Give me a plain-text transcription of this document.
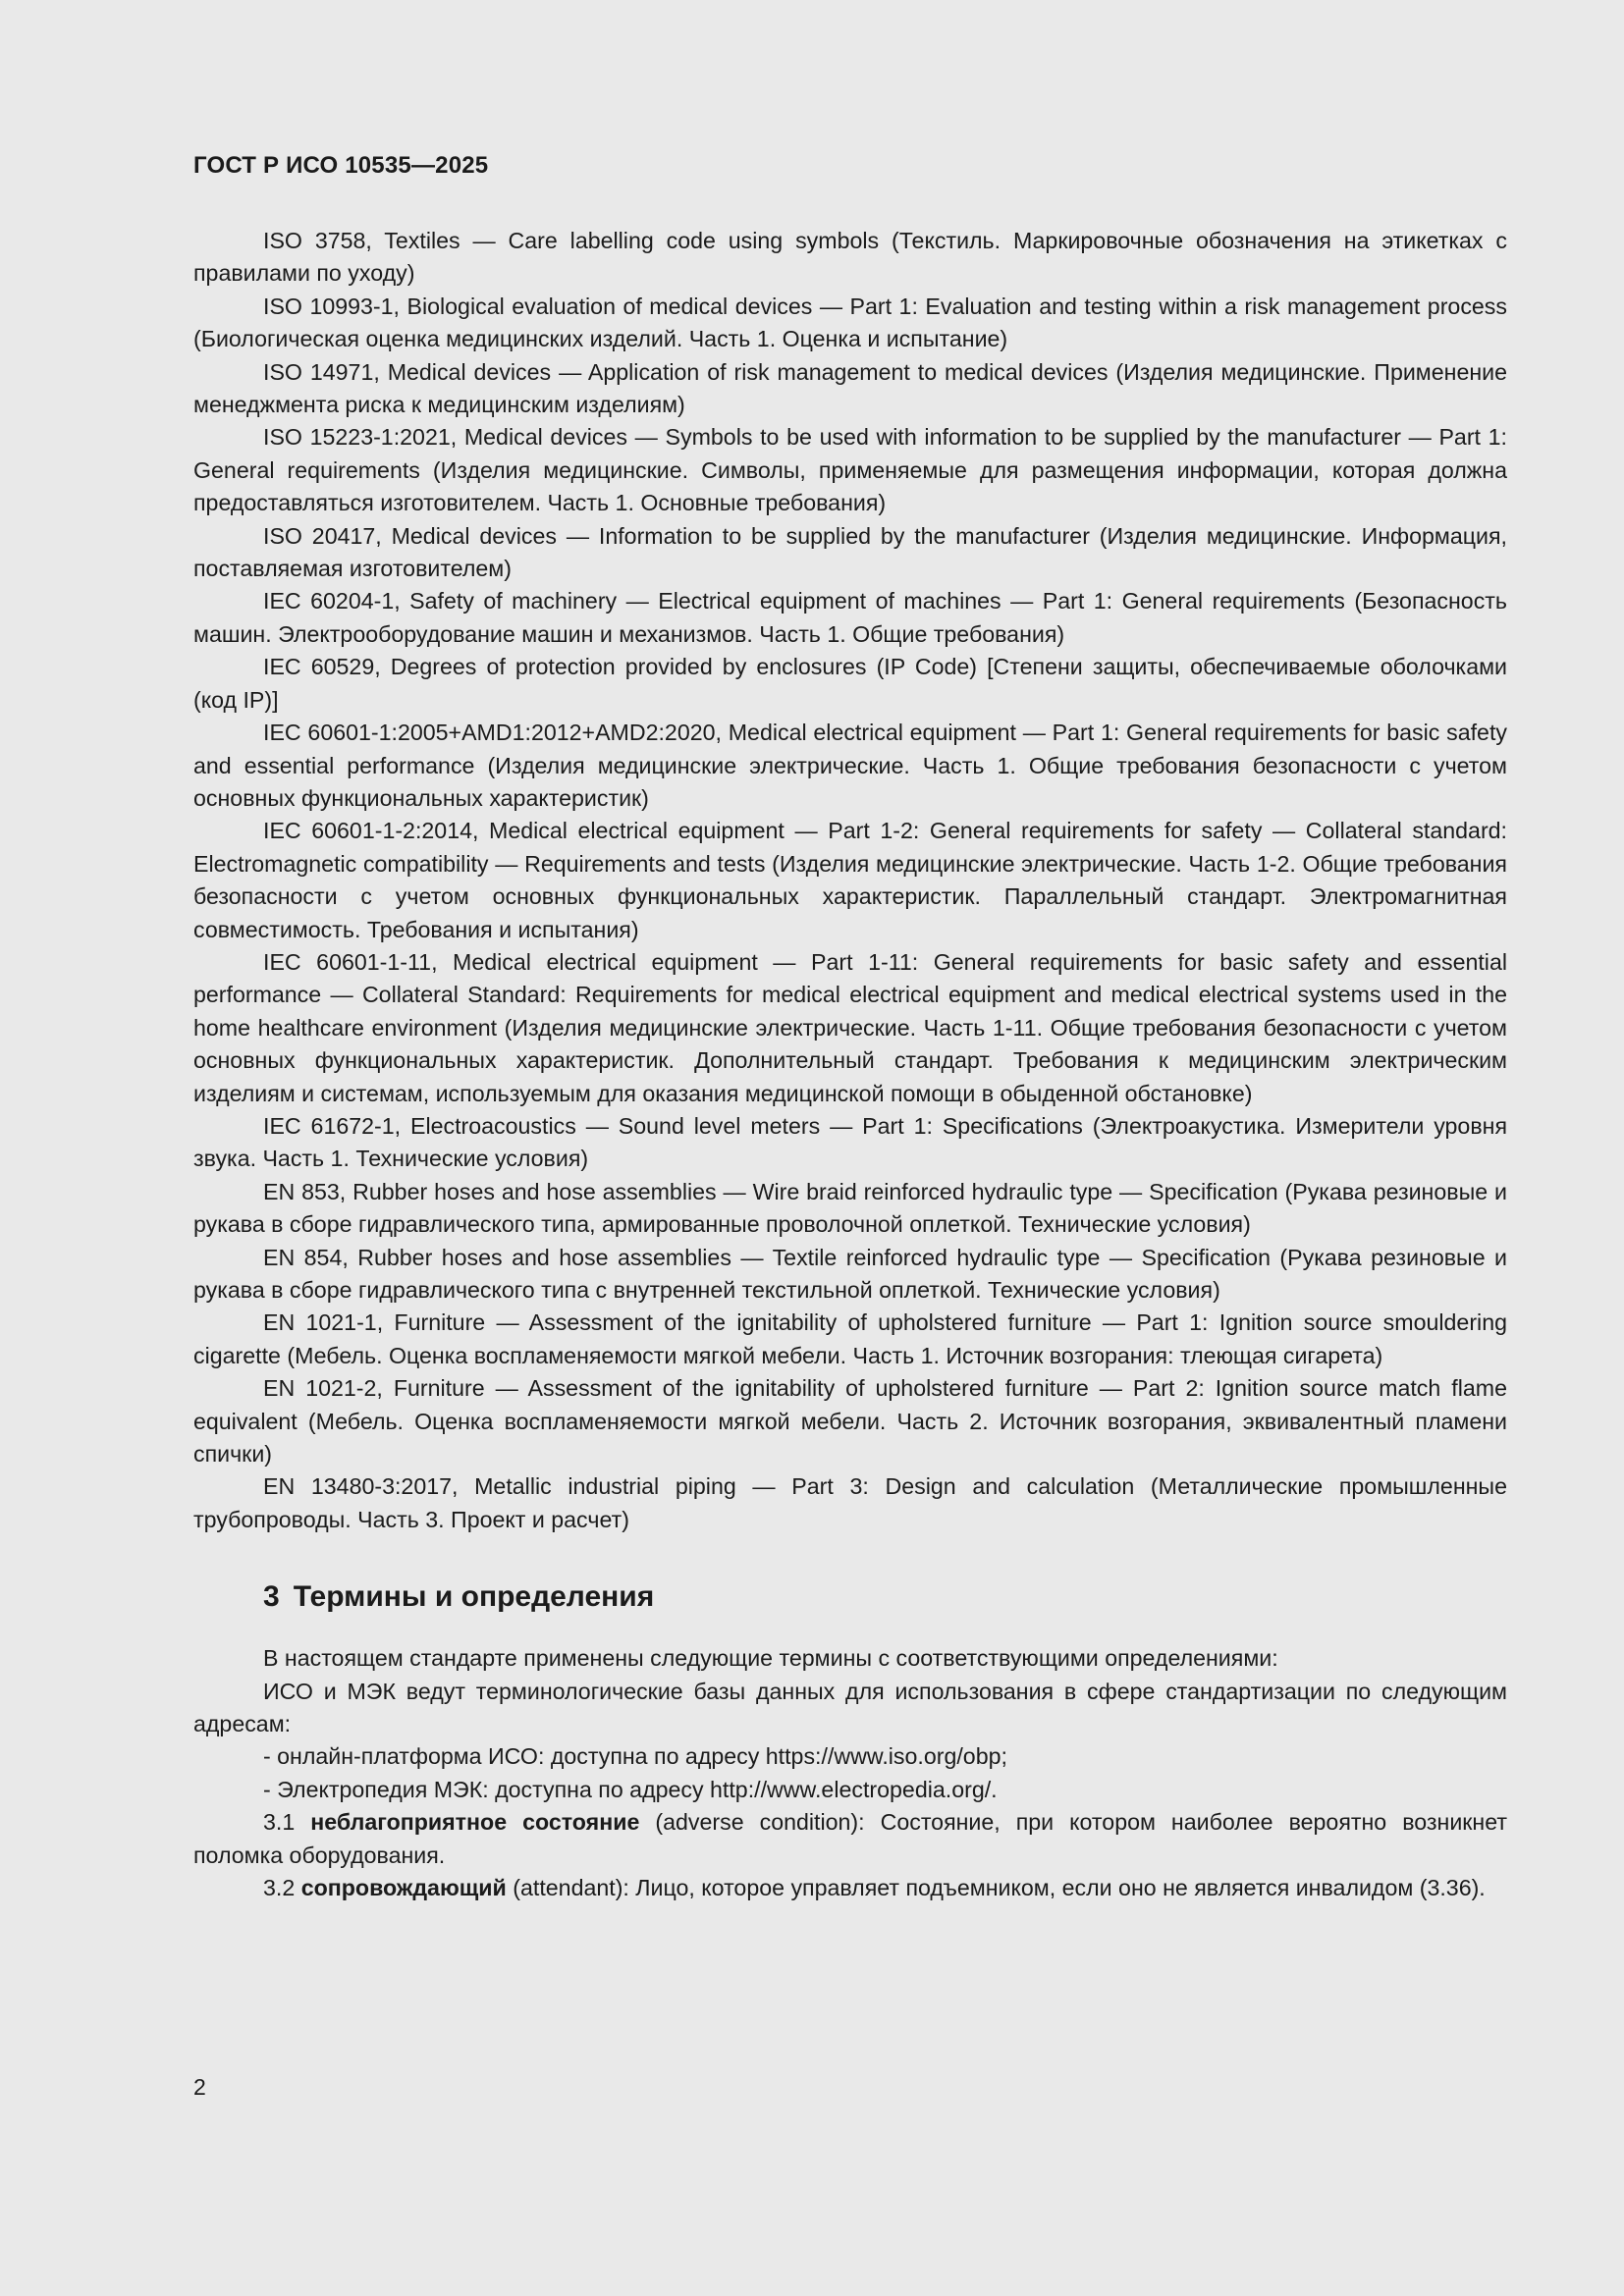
ГОСТ Р ИСО 10535—2025

ISO 3758, Textiles — Care labelling code using symbols (Текстиль. Маркировочные обозначения на этикетках с правилами по уходу)

ISO 10993-1, Biological evaluation of medical devices — Part 1: Evaluation and testing within a risk management process (Биологическая оценка медицинских изделий. Часть 1. Оценка и испытание)

ISO 14971, Medical devices — Application of risk management to medical devices (Изделия медицинские. Применение менеджмента риска к медицинским изделиям)

ISO 15223-1:2021, Medical devices — Symbols to be used with information to be supplied by the manufacturer — Part 1: General requirements (Изделия медицинские. Символы, применяемые для размещения информации, которая должна предоставляться изготовителем. Часть 1. Основные требования)

ISO 20417, Medical devices — Information to be supplied by the manufacturer (Изделия медицинские. Информация, поставляемая изготовителем)

IEC 60204-1, Safety of machinery — Electrical equipment of machines — Part 1: General requirements (Безопасность машин. Электрооборудование машин и механизмов. Часть 1. Общие требования)

IEC 60529, Degrees of protection provided by enclosures (IP Code) [Степени защиты, обеспечиваемые оболочками (код IP)]

IEC 60601-1:2005+AMD1:2012+AMD2:2020, Medical electrical equipment — Part 1: General requirements for basic safety and essential performance (Изделия медицинские электрические. Часть 1. Общие требования безопасности с учетом основных функциональных характеристик)

IEC 60601-1-2:2014, Medical electrical equipment — Part 1-2: General requirements for safety — Collateral standard: Electromagnetic compatibility — Requirements and tests (Изделия медицинские электрические. Часть 1-2. Общие требования безопасности с учетом основных функциональных характеристик. Параллельный стандарт. Электромагнитная совместимость. Требования и испытания)

IEC 60601-1-11, Medical electrical equipment — Part 1-11: General requirements for basic safety and essential performance — Collateral Standard: Requirements for medical electrical equipment and medical electrical systems used in the home healthcare environment (Изделия медицинские электрические. Часть 1-11. Общие требования безопасности с учетом основных функциональных характеристик. Дополнительный стандарт. Требования к медицинским электрическим изделиям и системам, используемым для оказания медицинской помощи в обыденной обстановке)

IEC 61672-1, Electroacoustics — Sound level meters — Part 1: Specifications (Электроакустика. Измерители уровня звука. Часть 1. Технические условия)

EN 853, Rubber hoses and hose assemblies — Wire braid reinforced hydraulic type — Specification (Рукава резиновые и рукава в сборе гидравлического типа, армированные проволочной оплеткой. Технические условия)

EN 854, Rubber hoses and hose assemblies — Textile reinforced hydraulic type — Specification (Рукава резиновые и рукава в сборе гидравлического типа с внутренней текстильной оплеткой. Технические условия)

EN 1021-1, Furniture — Assessment of the ignitability of upholstered furniture — Part 1: Ignition source smouldering cigarette (Мебель. Оценка воспламеняемости мягкой мебели. Часть 1. Источник возгорания: тлеющая сигарета)

EN 1021-2, Furniture — Assessment of the ignitability of upholstered furniture — Part 2: Ignition source match flame equivalent (Мебель. Оценка воспламеняемости мягкой мебели. Часть 2. Источник возгорания, эквивалентный пламени спички)

EN 13480-3:2017, Metallic industrial piping — Part 3: Design and calculation (Металлические промышленные трубопроводы. Часть 3. Проект и расчет)

3 Термины и определения

В настоящем стандарте применены следующие термины с соответствующими определениями:

ИСО и МЭК ведут терминологические базы данных для использования в сфере стандартизации по следующим адресам:

- онлайн-платформа ИСО: доступна по адресу https://www.iso.org/obp;

- Электропедия МЭК: доступна по адресу http://www.electropedia.org/.

3.1 неблагоприятное состояние (adverse condition): Состояние, при котором наиболее вероятно возникнет поломка оборудования.

3.2 сопровождающий (attendant): Лицо, которое управляет подъемником, если оно не является инвалидом (3.36).

2
